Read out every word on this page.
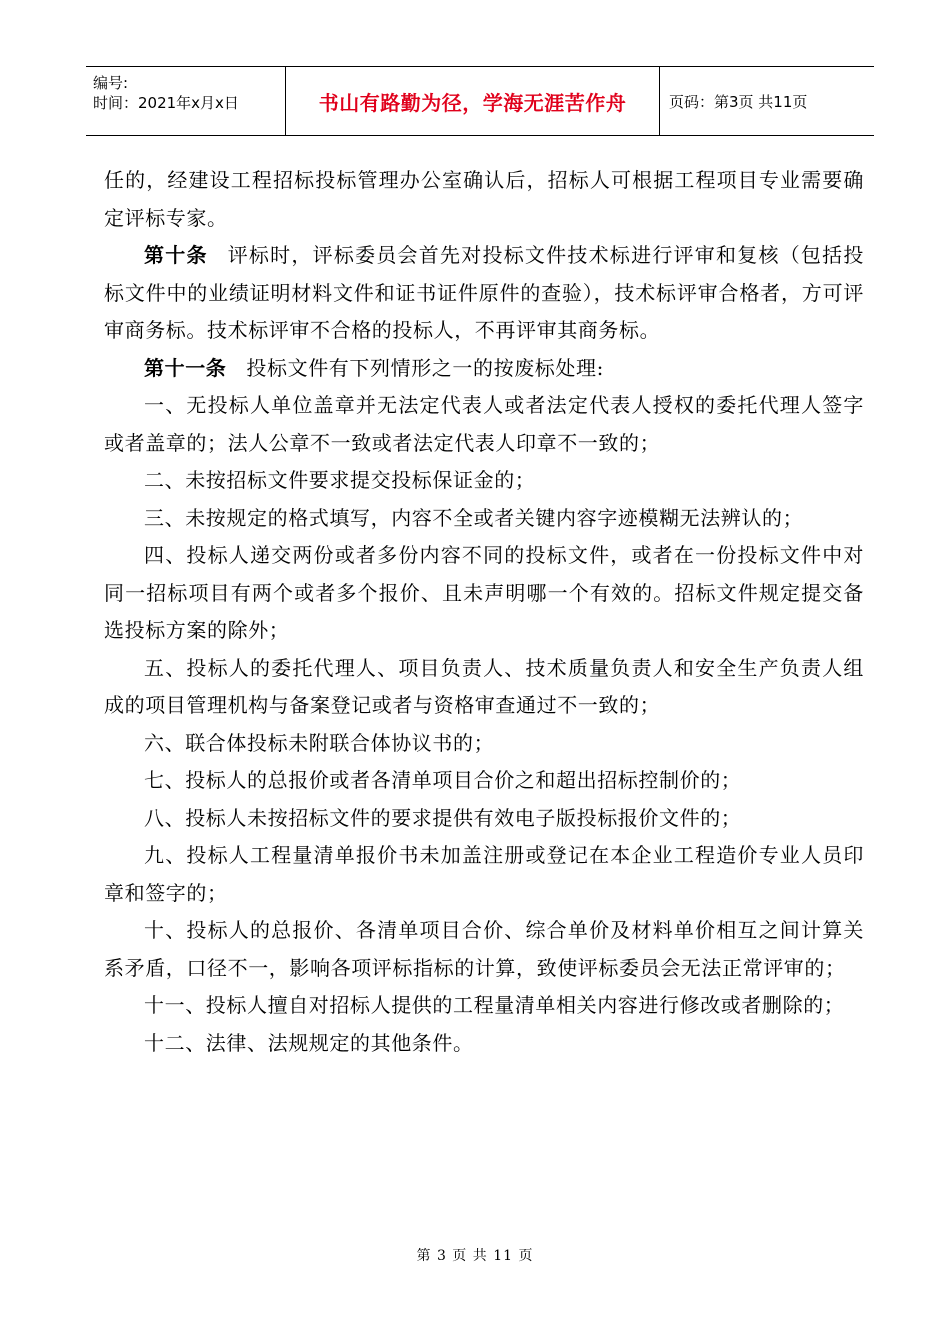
编号:
时间：2021年x月x日	书山有路勤为径，学海无涯苦作舟	页码：第3页 共11页

任的，经建设工程招标投标管理办公室确认后，招标人可根据工程项目专业需要确定评标专家。

第十条 评标时，评标委员会首先对投标文件技术标进行评审和复核（包括投标文件中的业绩证明材料文件和证书证件原件的查验），技术标评审合格者，方可评审商务标。技术标评审不合格的投标人，不再评审其商务标。

第十一条 投标文件有下列情形之一的按废标处理:

一、无投标人单位盖章并无法定代表人或者法定代表人授权的委托代理人签字或者盖章的；法人公章不一致或者法定代表人印章不一致的；

二、未按招标文件要求提交投标保证金的；

三、未按规定的格式填写，内容不全或者关键内容字迹模糊无法辨认的；

四、投标人递交两份或者多份内容不同的投标文件，或者在一份投标文件中对同一招标项目有两个或者多个报价、且未声明哪一个有效的。招标文件规定提交备选投标方案的除外；

五、投标人的委托代理人、项目负责人、技术质量负责人和安全生产负责人组成的项目管理机构与备案登记或者与资格审查通过不一致的；

六、联合体投标未附联合体协议书的；

七、投标人的总报价或者各清单项目合价之和超出招标控制价的；

八、投标人未按招标文件的要求提供有效电子版投标报价文件的；

九、投标人工程量清单报价书未加盖注册或登记在本企业工程造价专业人员印章和签字的；

十、投标人的总报价、各清单项目合价、综合单价及材料单价相互之间计算关系矛盾，口径不一，影响各项评标指标的计算，致使评标委员会无法正常评审的；

十一、投标人擅自对招标人提供的工程量清单相关内容进行修改或者删除的；

十二、法律、法规规定的其他条件。

第 3 页 共 11 页
